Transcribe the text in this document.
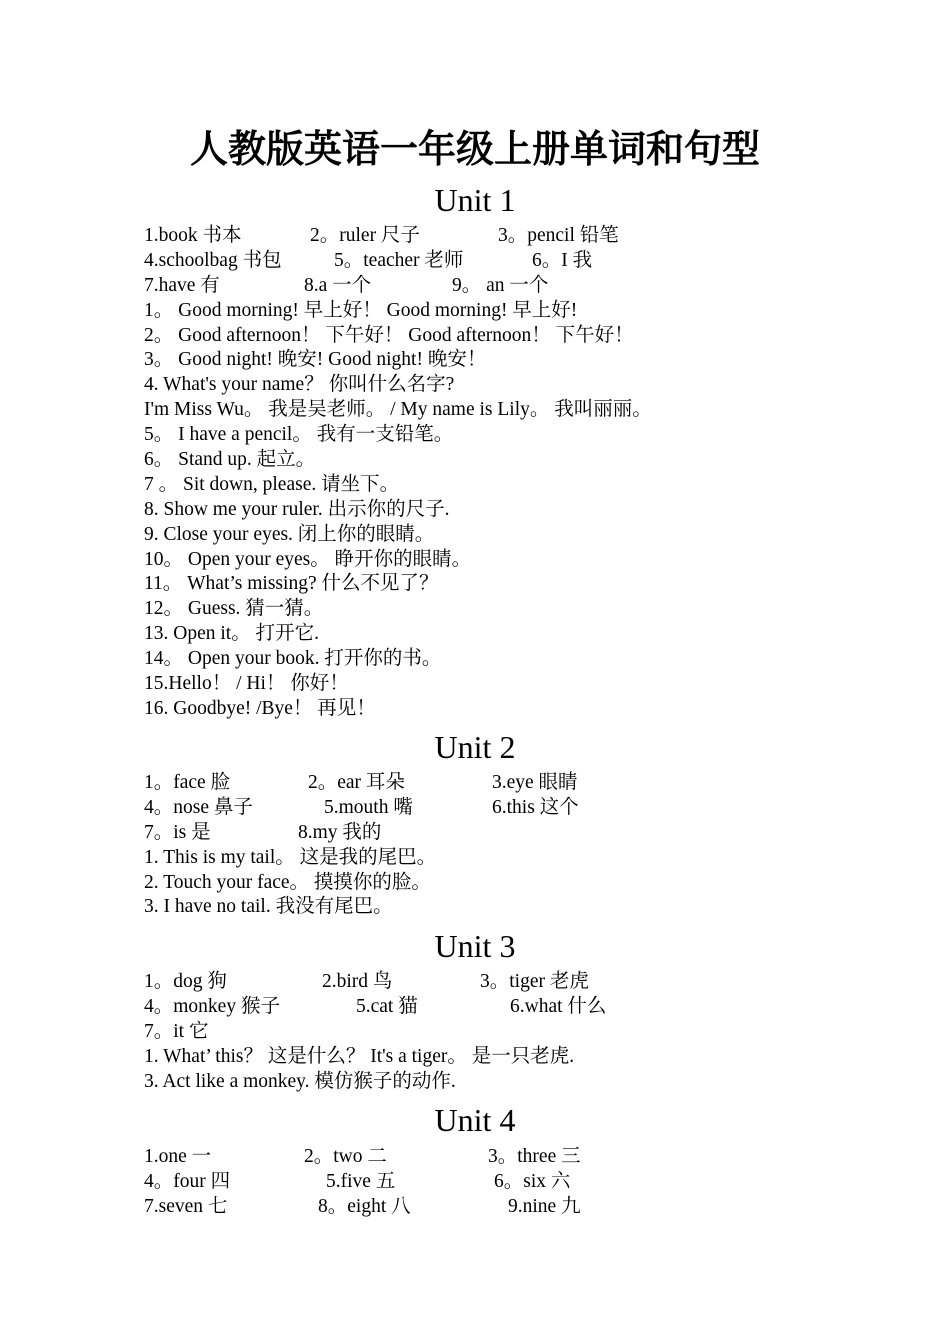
人教版英语一年级上册单词和句型
Unit 1
1.book 书本	2。ruler 尺子	3。pencil 铅笔
4.schoolbag 书包	5。teacher 老师	6。I 我
7.have 有	8.a 一个	9。 an 一个
1。 Good morning! 早上好！ Good morning! 早上好!
2。 Good afternoon！ 下午好！ Good afternoon！ 下午好！
3。 Good night! 晚安! Good night! 晚安！
4. What's your name？ 你叫什么名字?
I'm Miss Wu。 我是吴老师。 / My name is Lily。 我叫丽丽。
5。 I have a pencil。 我有一支铅笔。
6。 Stand up. 起立。
7 。 Sit down, please. 请坐下。
8. Show me your ruler. 出示你的尺子.
9. Close your eyes. 闭上你的眼睛。
10。 Open your eyes。 睁开你的眼睛。
11。 What’s missing? 什么不见了？
12。 Guess. 猜一猜。
13. Open it。 打开它.
14。 Open your book. 打开你的书。
15.Hello！ / Hi！ 你好！
16. Goodbye! /Bye！ 再见！
Unit 2
1。face 脸	2。ear 耳朵	3.eye 眼睛
4。nose 鼻子	5.mouth 嘴	6.this 这个
7。is 是	8.my 我的
1. This is my tail。 这是我的尾巴。
2. Touch your face。 摸摸你的脸。
3. I have no tail. 我没有尾巴。
Unit 3
1。dog 狗	2.bird 鸟	3。tiger 老虎
4。monkey 猴子	5.cat 猫	6.what 什么
7。it 它
1. What’ this？ 这是什么？ It's a tiger。 是一只老虎.
3. Act like a monkey. 模仿猴子的动作.
Unit 4
1.one 一	2。two 二	3。three 三
4。four 四	5.five 五	6。six 六
7.seven 七	8。eight 八	9.nine 九
